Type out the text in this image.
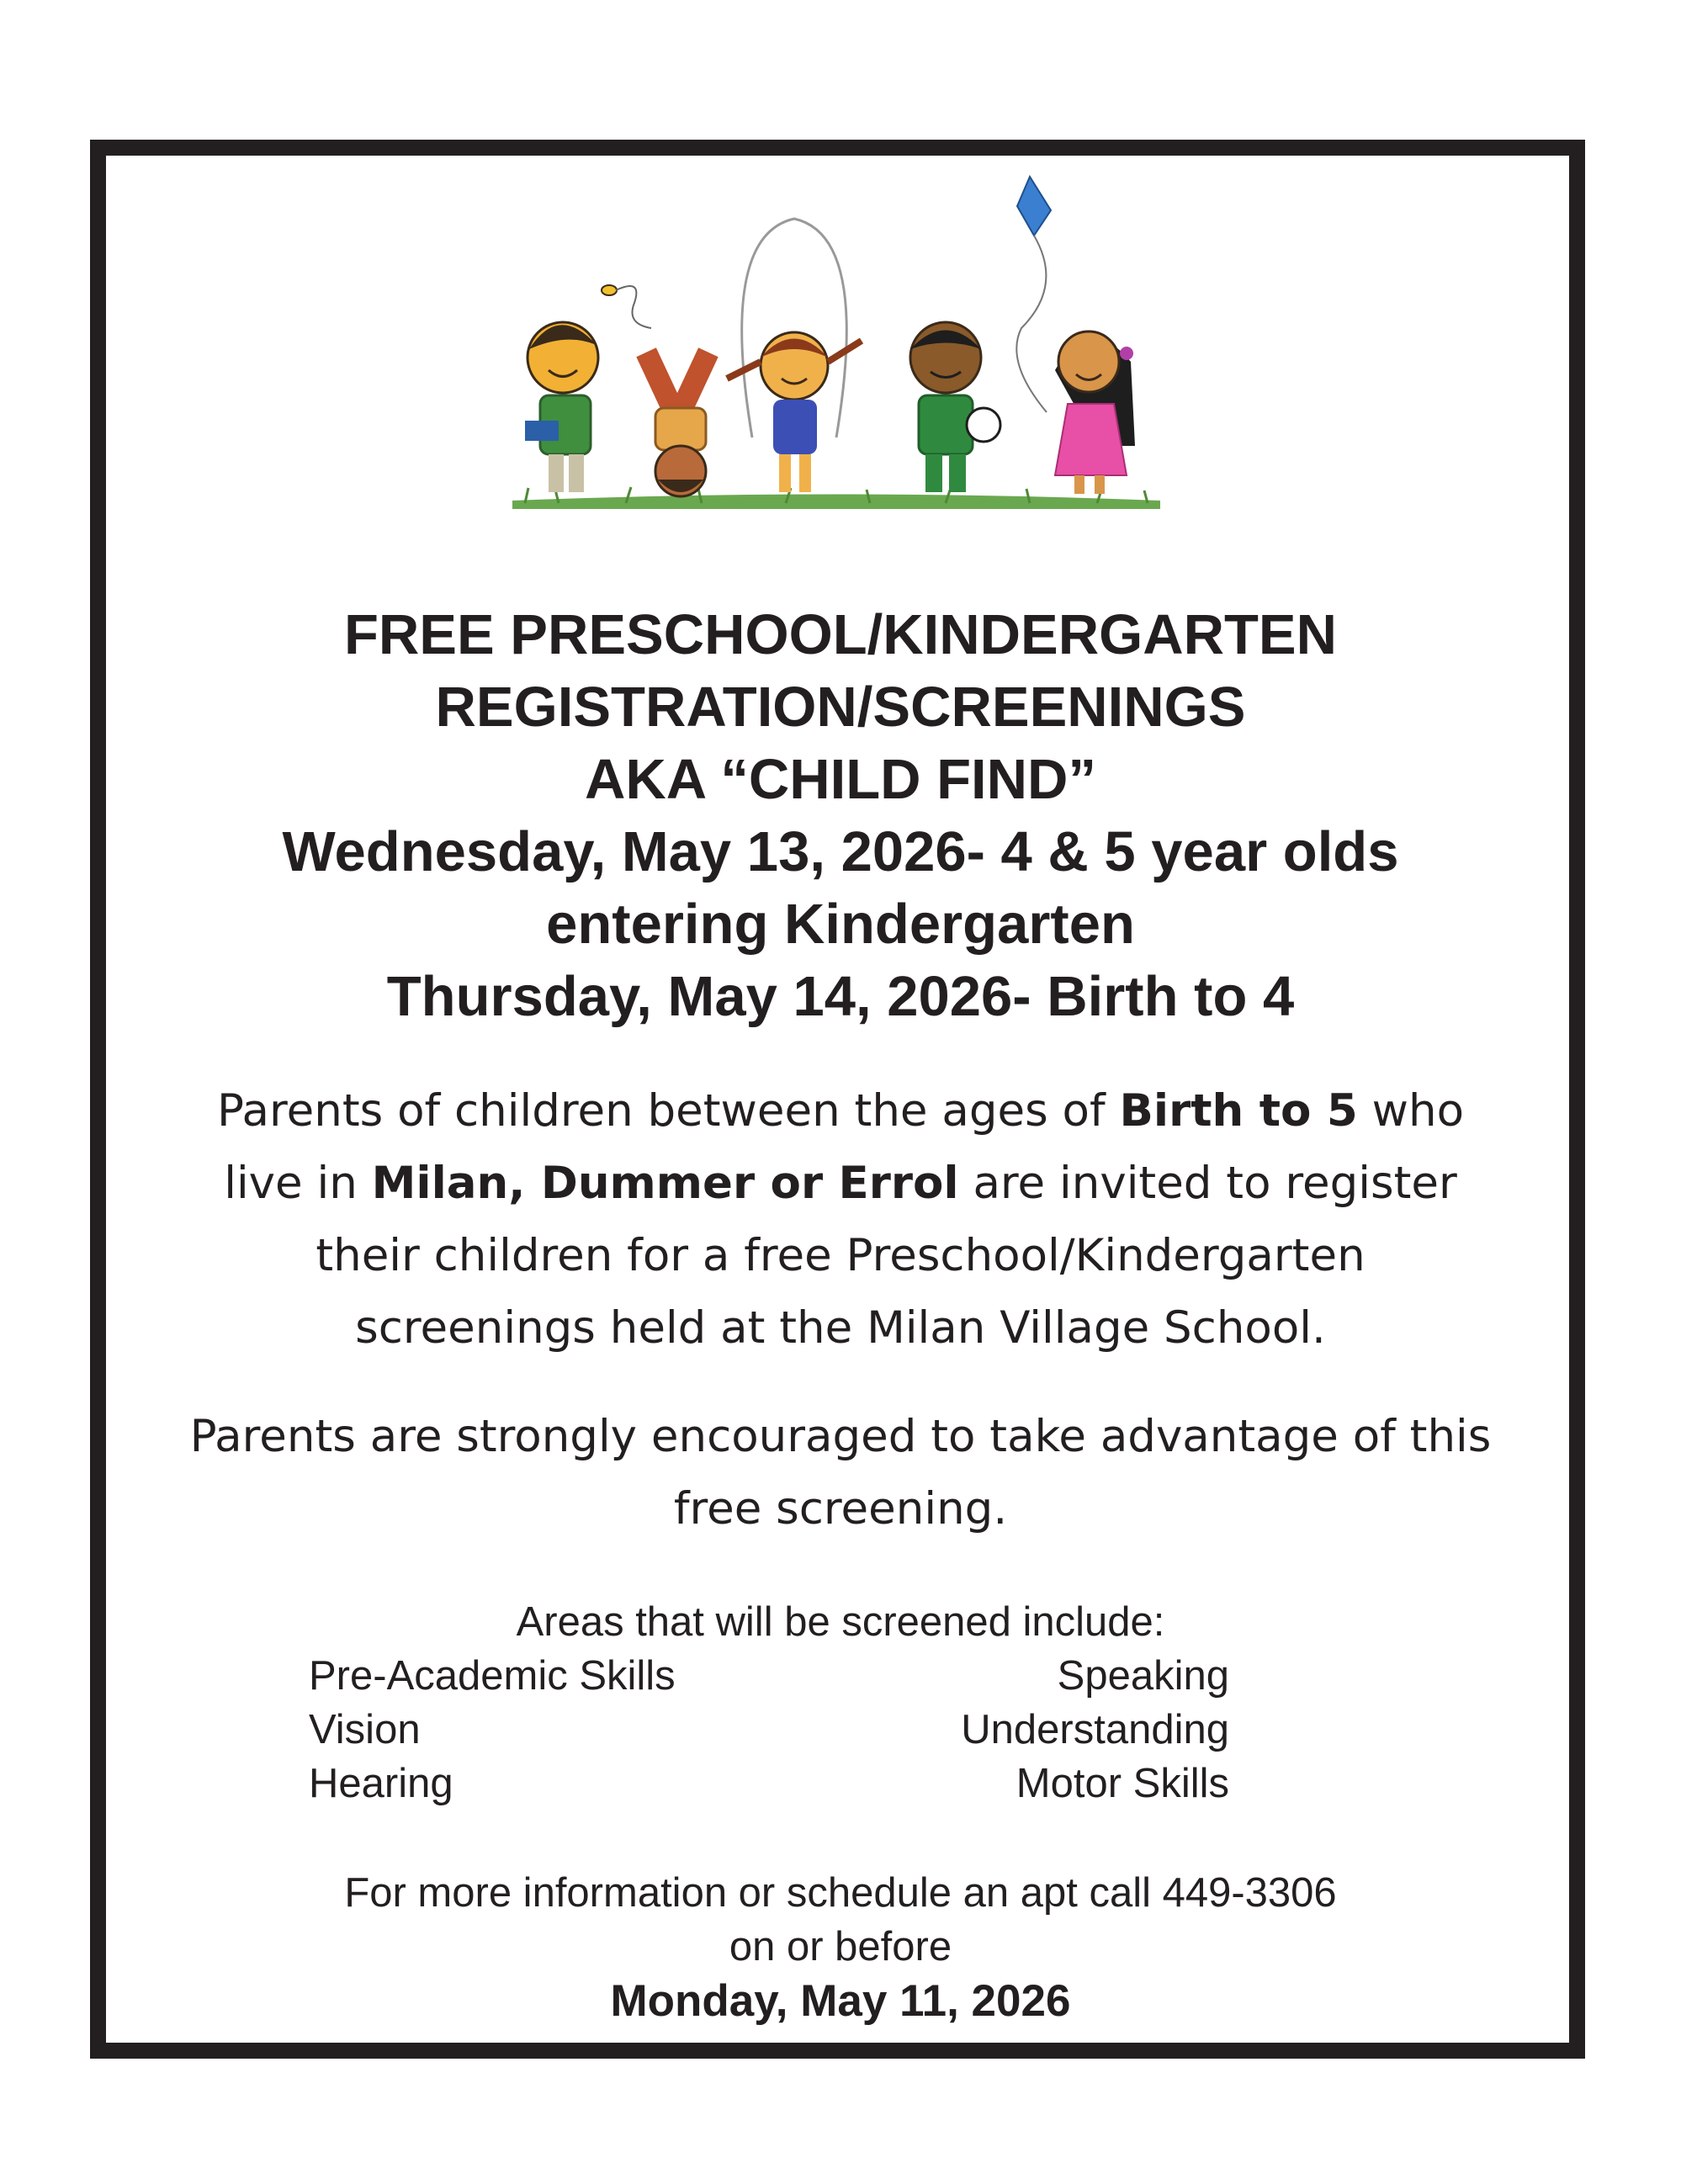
FREE PRESCHOOL/KINDERGARTEN
REGISTRATION/SCREENINGS
AKA “CHILD FIND”
Wednesday, May 13, 2026- 4 & 5 year olds
entering Kindergarten
Thursday, May 14, 2026- Birth to 4
Parents of children between the ages of Birth to 5 who
live in Milan, Dummer or Errol are invited to register
their children for a free Preschool/Kindergarten
screenings held at the Milan Village School.
Parents are strongly encouraged to take advantage of this
free screening.
Areas that will be screened include:
Pre-Academic Skills
Vision
Hearing
Speaking
Understanding
Motor Skills
For more information or schedule an apt call 449-3306
on or before
Monday, May 11, 2026
